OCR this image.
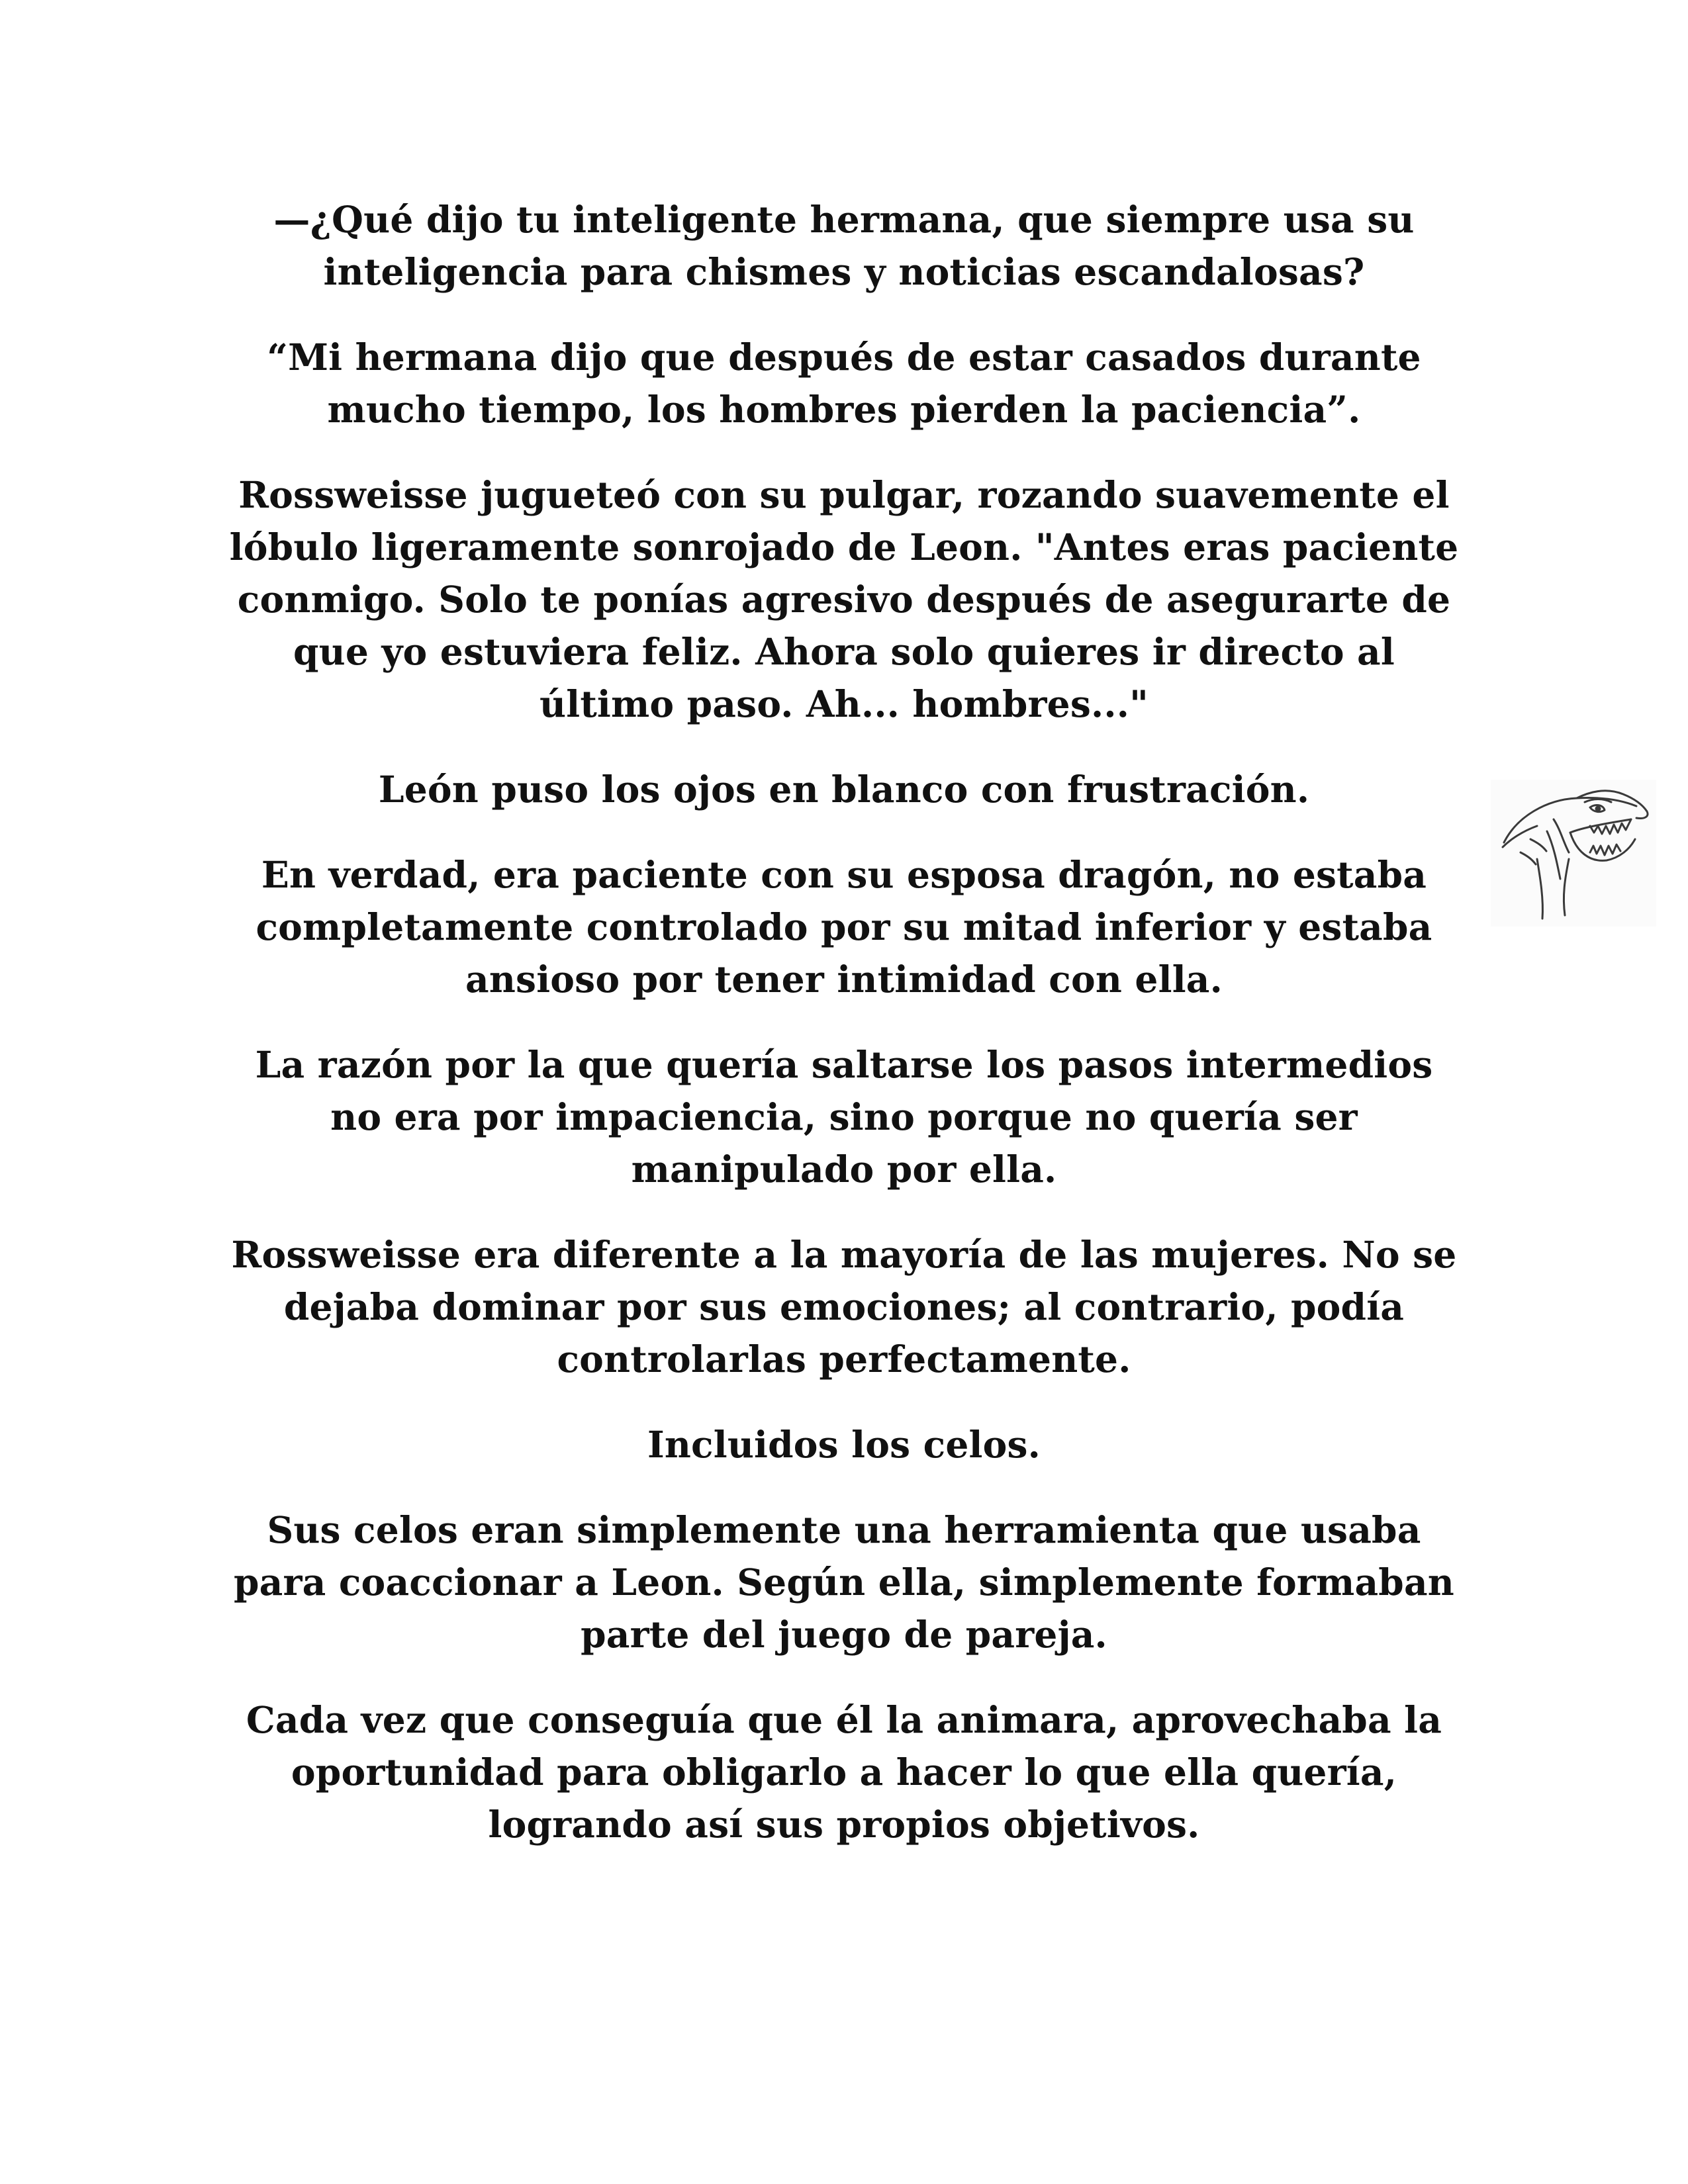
—¿Qué dijo tu inteligente hermana, que siempre usa su inteligencia para chismes y noticias escandalosas?

“Mi hermana dijo que después de estar casados durante mucho tiempo, los hombres pierden la paciencia”.

Rossweisse jugueteó con su pulgar, rozando suavemente el lóbulo ligeramente sonrojado de Leon. "Antes eras paciente conmigo. Solo te ponías agresivo después de asegurarte de que yo estuviera feliz. Ahora solo quieres ir directo al último paso. Ah... hombres..."

León puso los ojos en blanco con frustración.

En verdad, era paciente con su esposa dragón, no estaba completamente controlado por su mitad inferior y estaba ansioso por tener intimidad con ella.

La razón por la que quería saltarse los pasos intermedios no era por impaciencia, sino porque no quería ser manipulado por ella.

Rossweisse era diferente a la mayoría de las mujeres. No se dejaba dominar por sus emociones; al contrario, podía controlarlas perfectamente.

Incluidos los celos.

Sus celos eran simplemente una herramienta que usaba para coaccionar a Leon. Según ella, simplemente formaban parte del juego de pareja.

Cada vez que conseguía que él la animara, aprovechaba la oportunidad para obligarlo a hacer lo que ella quería, logrando así sus propios objetivos.
